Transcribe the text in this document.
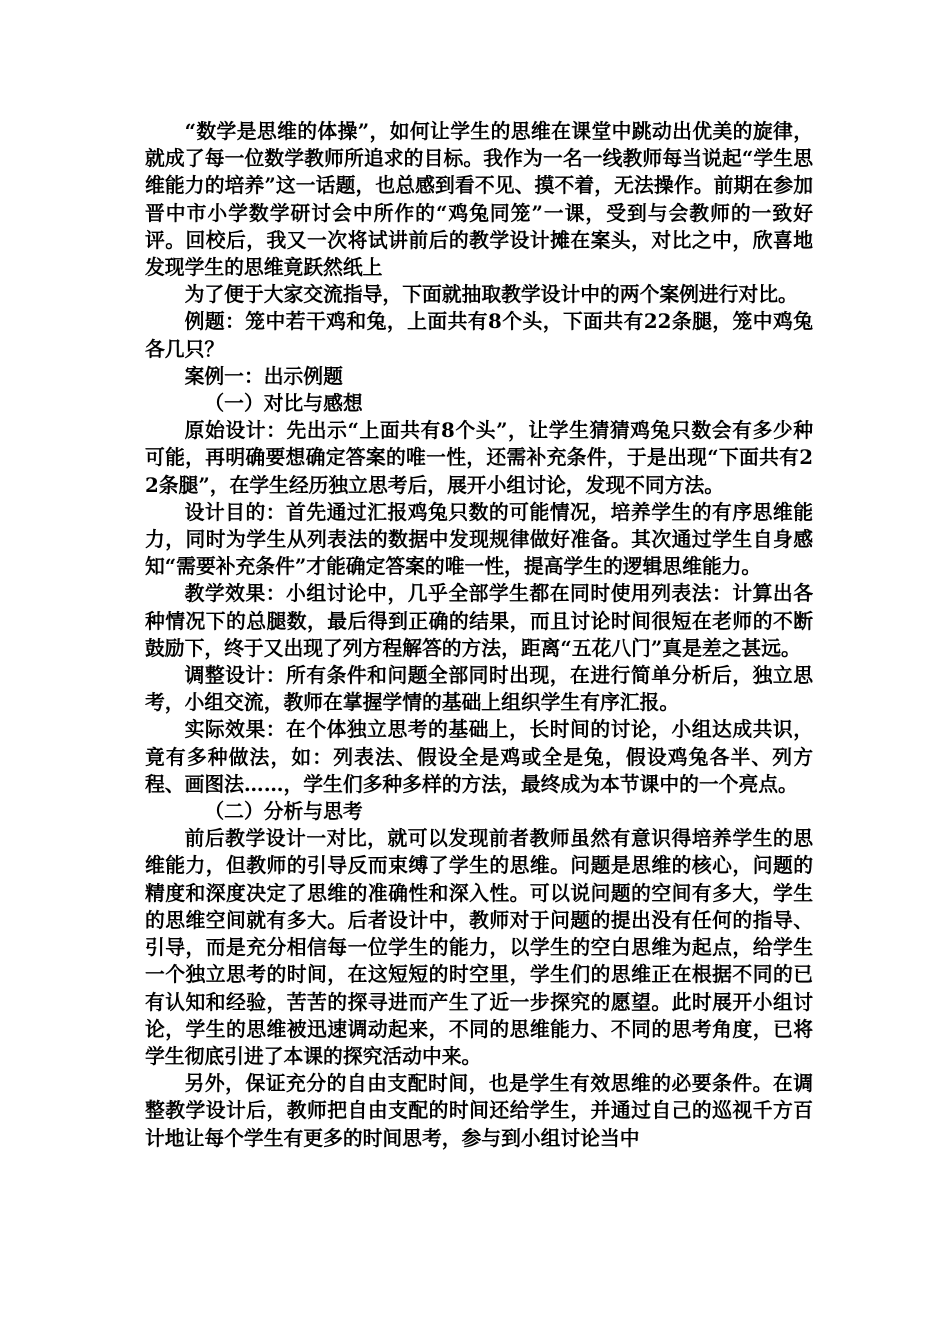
“数学是思维的体操”，如何让学生的思维在课堂中跳动出优美的旋律，就成了每一位数学教师所追求的目标。我作为一名一线教师每当说起“学生思维能力的培养”这一话题，也总感到看不见、摸不着，无法操作。前期在参加晋中市小学数学研讨会中所作的“鸡兔同笼”一课，受到与会教师的一致好评。回校后，我又一次将试讲前后的教学设计摊在案头，对比之中，欣喜地发现学生的思维竟跃然纸上

为了便于大家交流指导，下面就抽取教学设计中的两个案例进行对比。

例题：笼中若干鸡和兔，上面共有8个头，下面共有22条腿，笼中鸡兔各几只？

案例一：出示例题

（一）对比与感想

原始设计：先出示“上面共有8个头”，让学生猜猜鸡兔只数会有多少种可能，再明确要想确定答案的唯一性，还需补充条件，于是出现“下面共有22条腿”，在学生经历独立思考后，展开小组讨论，发现不同方法。

设计目的：首先通过汇报鸡兔只数的可能情况，培养学生的有序思维能力，同时为学生从列表法的数据中发现规律做好准备。其次通过学生自身感知“需要补充条件”才能确定答案的唯一性，提高学生的逻辑思维能力。

教学效果：小组讨论中，几乎全部学生都在同时使用列表法：计算出各种情况下的总腿数，最后得到正确的结果，而且讨论时间很短在老师的不断鼓励下，终于又出现了列方程解答的方法，距离“五花八门”真是差之甚远。

调整设计：所有条件和问题全部同时出现，在进行简单分析后，独立思考，小组交流，教师在掌握学情的基础上组织学生有序汇报。

实际效果：在个体独立思考的基础上，长时间的讨论，小组达成共识，竟有多种做法，如：列表法、假设全是鸡或全是兔，假设鸡兔各半、列方程、画图法……，学生们多种多样的方法，最终成为本节课中的一个亮点。

（二）分析与思考

前后教学设计一对比，就可以发现前者教师虽然有意识得培养学生的思维能力，但教师的引导反而束缚了学生的思维。问题是思维的核心，问题的精度和深度决定了思维的准确性和深入性。可以说问题的空间有多大，学生的思维空间就有多大。后者设计中，教师对于问题的提出没有任何的指导、引导，而是充分相信每一位学生的能力，以学生的空白思维为起点，给学生一个独立思考的时间，在这短短的时空里，学生们的思维正在根据不同的已有认知和经验，苦苦的探寻进而产生了近一步探究的愿望。此时展开小组讨论，学生的思维被迅速调动起来，不同的思维能力、不同的思考角度，已将学生彻底引进了本课的探究活动中来。

另外，保证充分的自由支配时间，也是学生有效思维的必要条件。在调整教学设计后，教师把自由支配的时间还给学生，并通过自己的巡视千方百计地让每个学生有更多的时间思考，参与到小组讨论当中
